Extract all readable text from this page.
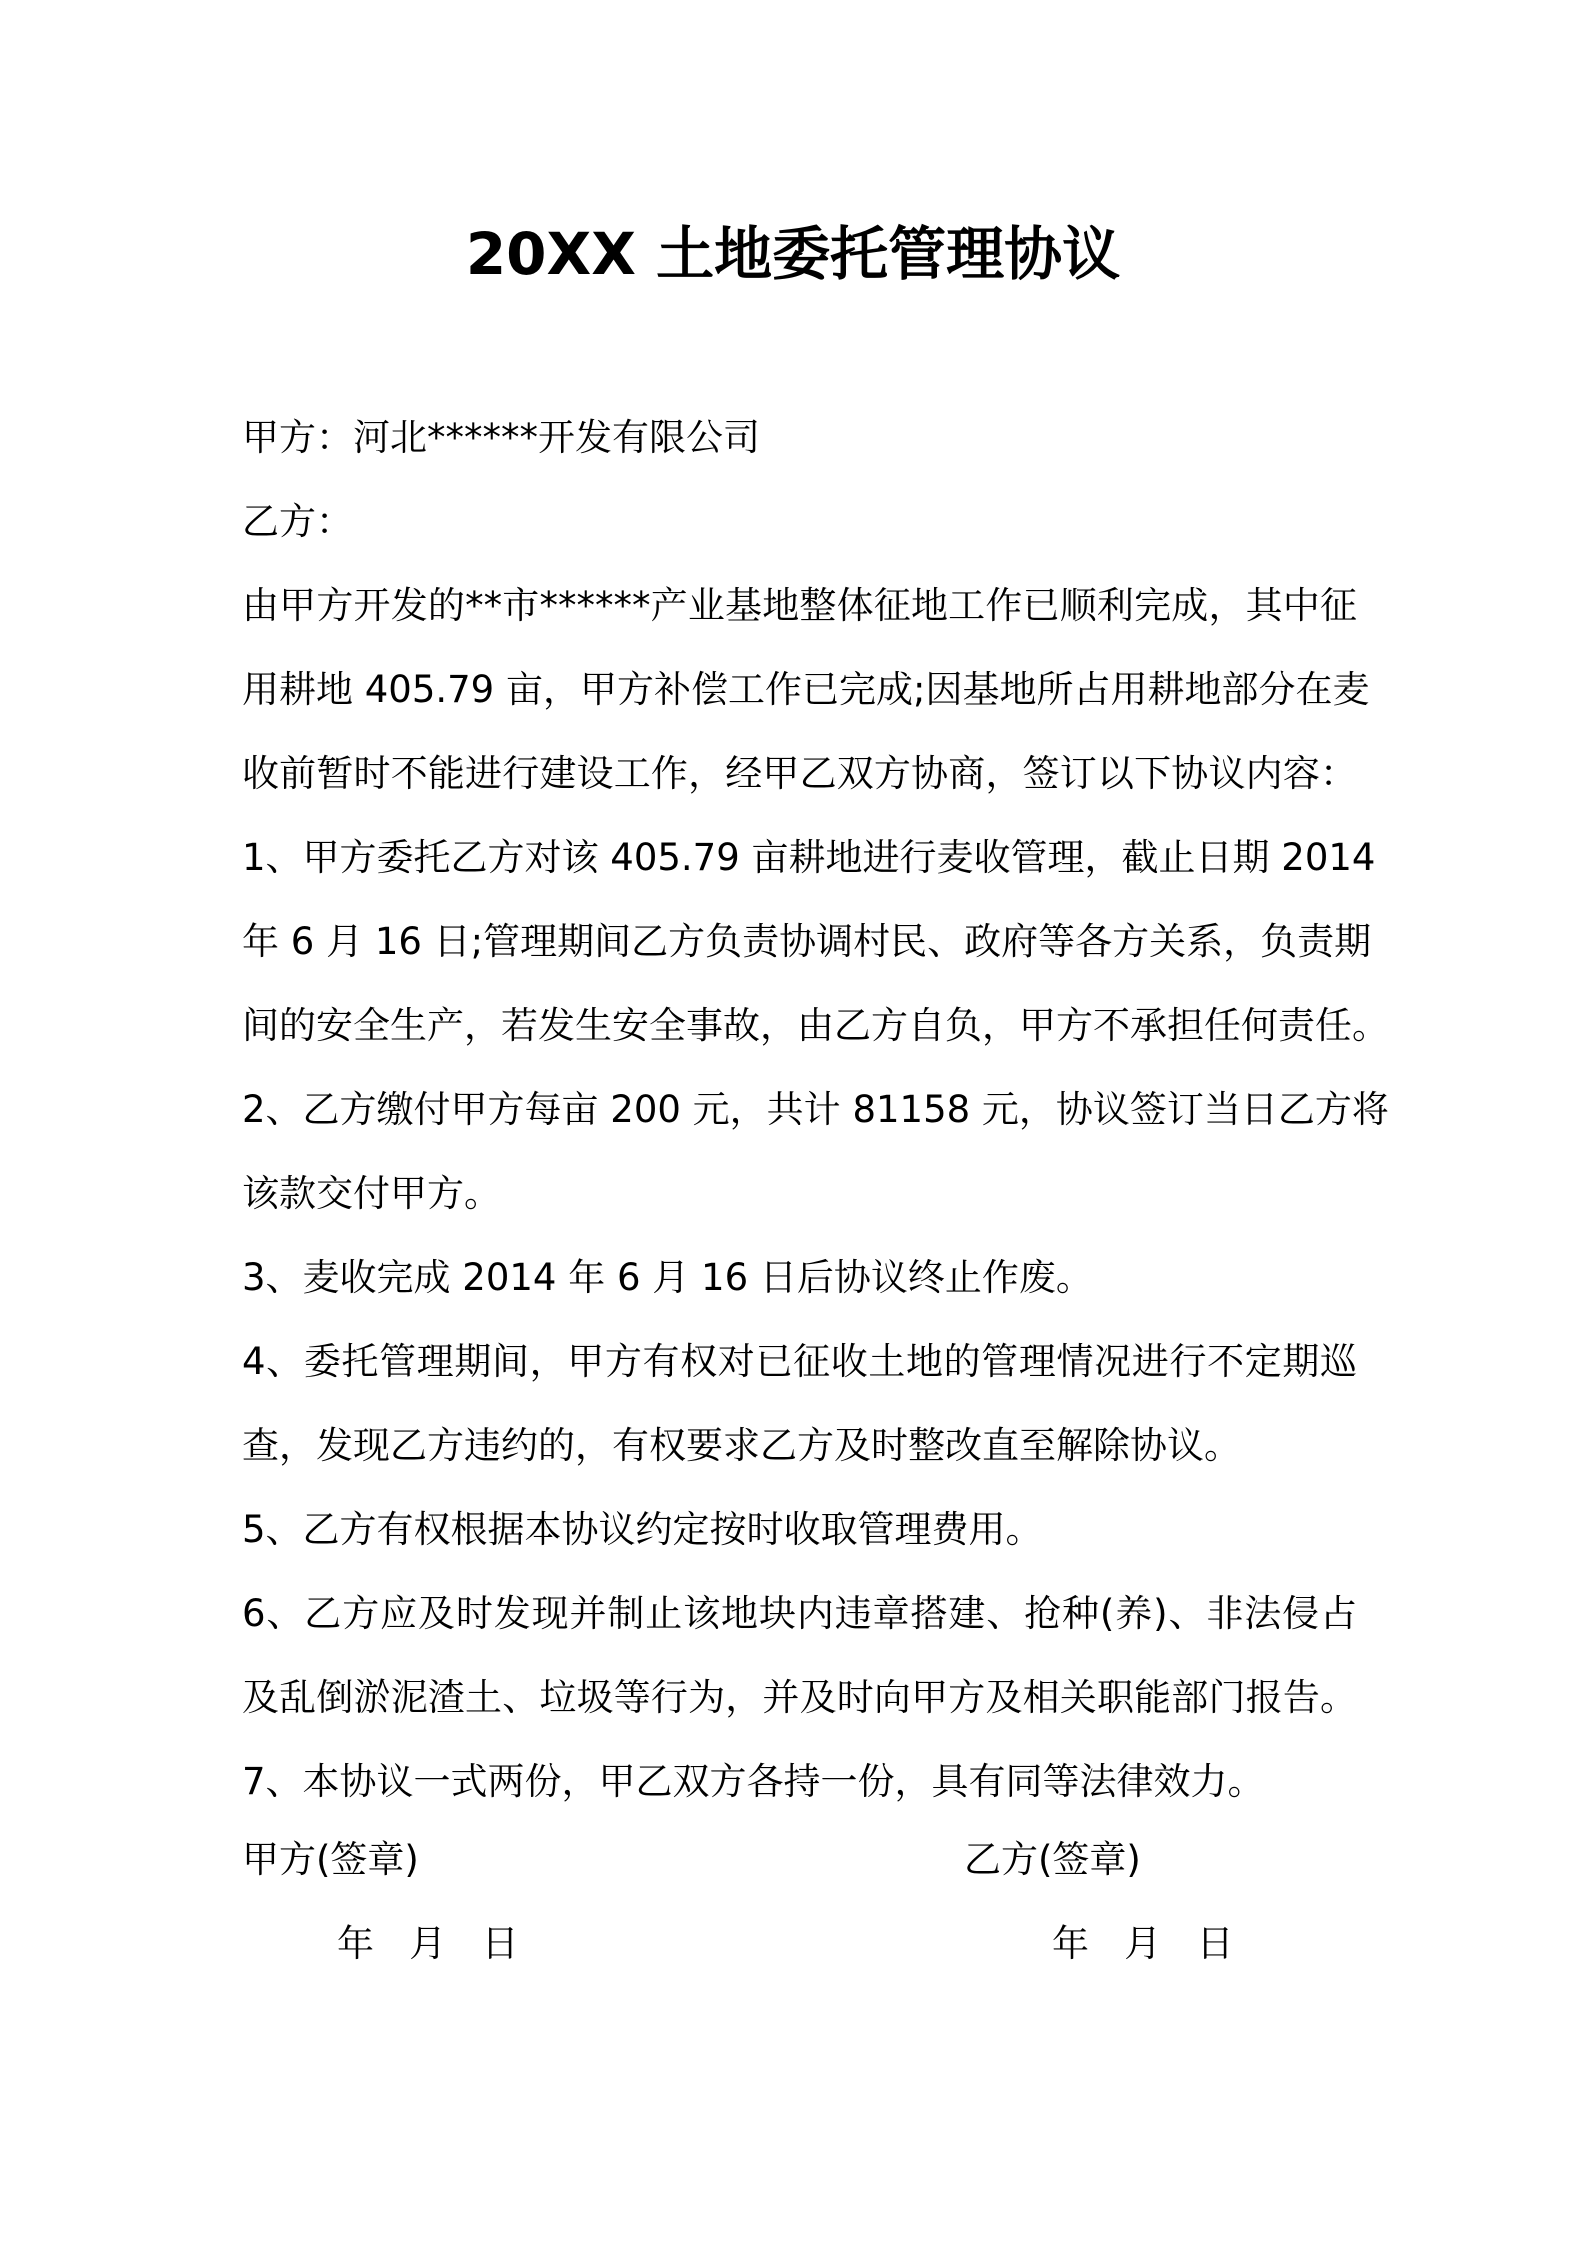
20XX 土地委托管理协议
甲方：河北******开发有限公司
乙方：
由甲方开发的**市******产业基地整体征地工作已顺利完成，其中征
用耕地 405.79 亩，甲方补偿工作已完成;因基地所占用耕地部分在麦
收前暂时不能进行建设工作，经甲乙双方协商，签订以下协议内容：
1、甲方委托乙方对该 405.79 亩耕地进行麦收管理，截止日期 2014
年 6 月 16 日;管理期间乙方负责协调村民、政府等各方关系，负责期
间的安全生产，若发生安全事故，由乙方自负，甲方不承担任何责任。
2、乙方缴付甲方每亩 200 元，共计 81158 元，协议签订当日乙方将
该款交付甲方。
3、麦收完成 2014 年 6 月 16 日后协议终止作废。
4、委托管理期间，甲方有权对已征收土地的管理情况进行不定期巡
查，发现乙方违约的，有权要求乙方及时整改直至解除协议。
5、乙方有权根据本协议约定按时收取管理费用。
6、乙方应及时发现并制止该地块内违章搭建、抢种(养)、非法侵占
及乱倒淤泥渣土、垃圾等行为，并及时向甲方及相关职能部门报告。
7、本协议一式两份，甲乙双方各持一份，具有同等法律效力。
甲方(签章)	乙方(签章)
年   月   日	年   月   日
